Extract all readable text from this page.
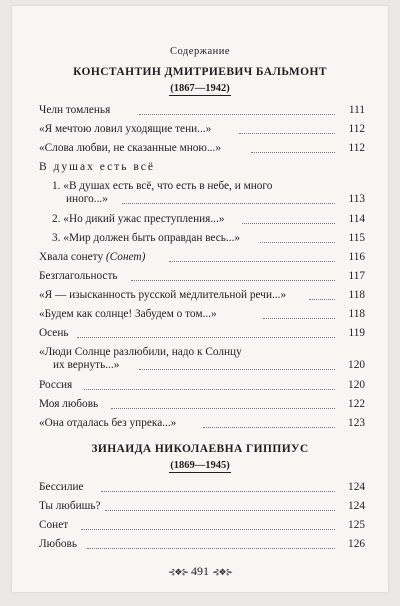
Содержание
КОНСТАНТИН ДМИТРИЕВИЧ БАЛЬМОНТ
(1867—1942)
Челн томленья	111
«Я мечтою ловил уходящие тени...»	112
«Слова любви, не сказанные мною...»	112
В душах есть всё
1. «В душах есть всё, что есть в небе, и много
иного...»	113
2. «Но дикий ужас преступления...»	114
3. «Мир должен быть оправдан весь...»	115
Хвала сонету (Сонет)	116
Безглагольность	117
«Я — изысканность русской медлительной речи...»	118
«Будем как солнце! Забудем о том...»	118
Осень	119
«Люди Солнце разлюбили, надо к Солнцу
их вернуть...»	120
Россия	120
Моя любовь	122
«Она отдалась без упрека...»	123
ЗИНАИДА НИКОЛАЕВНА ГИППИУС
(1869—1945)
Бессилие	124
Ты любишь?	124
Сонет	125
Любовь	126
⊰❖⊱ 491 ⊰❖⊱
